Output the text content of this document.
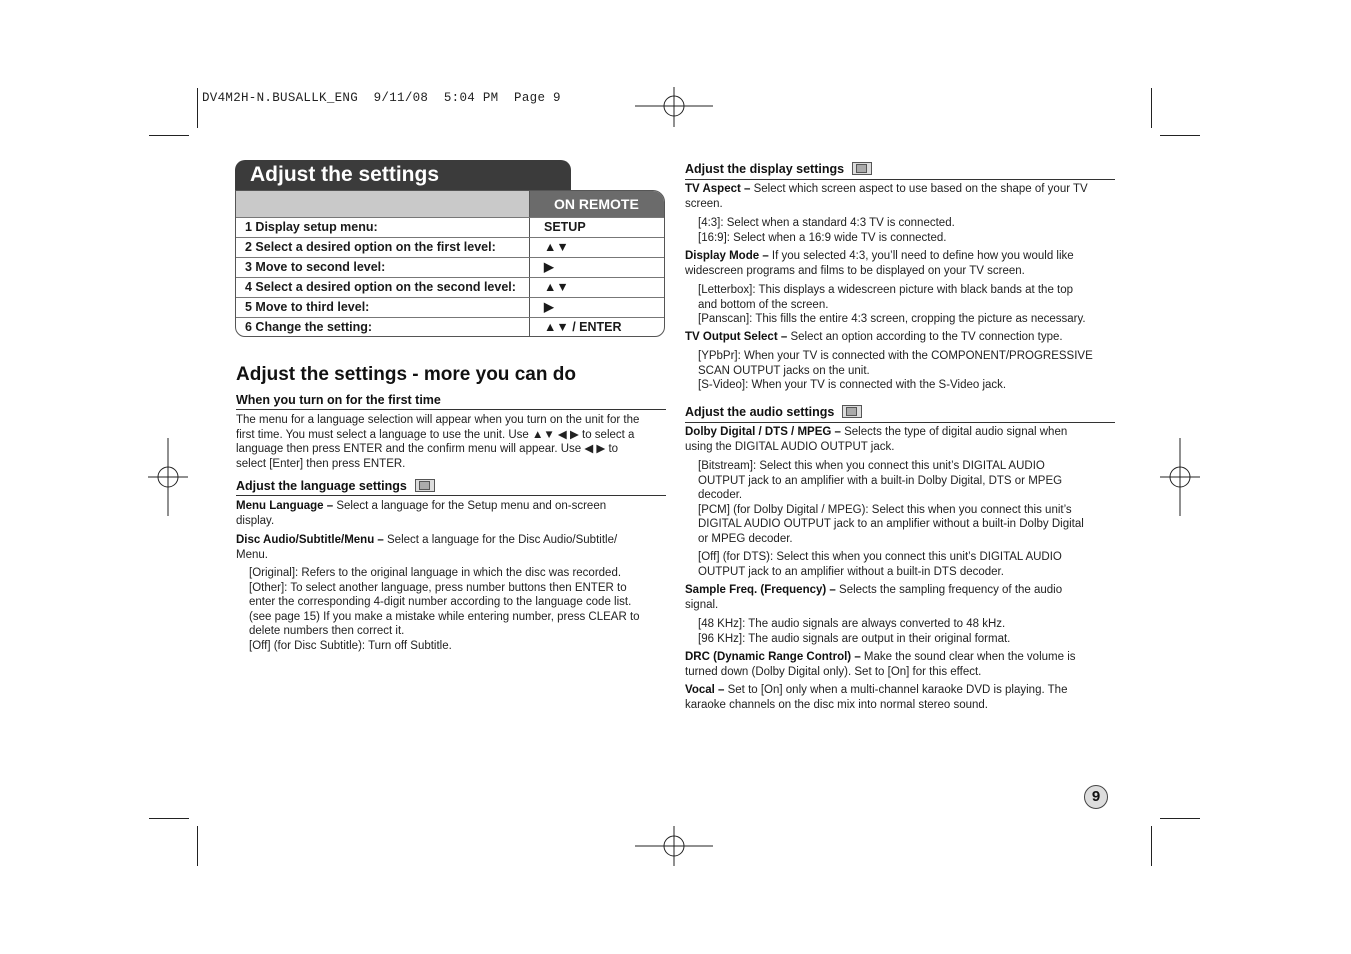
DV4M2H-N.BUSALLK_ENG  9/11/08  5:04 PM  Page 9
Adjust the settings
ON REMOTE
1 Display setup menu:	SETUP
2 Select a desired option on the first level:	▲▼
3 Move to second level:	▶
4 Select a desired option on the second level: ▲▼
5 Move to third level:	▶
6 Change the setting:	▲▼ / ENTER
Adjust the settings - more you can do
When you turn on for the first time
The menu for a language selection will appear when you turn on the unit for the
first time. You must select a language to use the unit. Use ▲▼ ◀ ▶ to select a
language then press ENTER and the confirm menu will appear. Use ◀ ▶ to
select [Enter] then press ENTER.
Adjust the language settings
Menu Language – Select a language for the Setup menu and on-screen
display.
Disc Audio/Subtitle/Menu – Select a language for the Disc Audio/Subtitle/
Menu.
[Original]: Refers to the original language in which the disc was recorded.
[Other]: To select another language, press number buttons then ENTER to
enter the corresponding 4-digit number according to the language code list.
(see page 15) If you make a mistake while entering number, press CLEAR to
delete numbers then correct it.
[Off] (for Disc Subtitle): Turn off Subtitle.
Adjust the display settings
TV Aspect – Select which screen aspect to use based on the shape of your TV
screen.
[4:3]: Select when a standard 4:3 TV is connected.
[16:9]: Select when a 16:9 wide TV is connected.
Display Mode – If you selected 4:3, you’ll need to define how you would like
widescreen programs and films to be displayed on your TV screen.
[Letterbox]: This displays a widescreen picture with black bands at the top
and bottom of the screen.
[Panscan]: This fills the entire 4:3 screen, cropping the picture as necessary.
TV Output Select – Select an option according to the TV connection type.
[YPbPr]: When your TV is connected with the COMPONENT/PROGRESSIVE
SCAN OUTPUT jacks on the unit.
[S-Video]: When your TV is connected with the S-Video jack.
Adjust the audio settings
Dolby Digital / DTS / MPEG – Selects the type of digital audio signal when
using the DIGITAL AUDIO OUTPUT jack.
[Bitstream]: Select this when you connect this unit’s DIGITAL AUDIO
OUTPUT jack to an amplifier with a built-in Dolby Digital, DTS or MPEG
decoder.
[PCM] (for Dolby Digital / MPEG): Select this when you connect this unit’s
DIGITAL AUDIO OUTPUT jack to an amplifier without a built-in Dolby Digital
or MPEG decoder.
[Off] (for DTS): Select this when you connect this unit’s DIGITAL AUDIO
OUTPUT jack to an amplifier without a built-in DTS decoder.
Sample Freq. (Frequency) – Selects the sampling frequency of the audio
signal.
[48 KHz]: The audio signals are always converted to 48 kHz.
[96 KHz]: The audio signals are output in their original format.
DRC (Dynamic Range Control) – Make the sound clear when the volume is
turned down (Dolby Digital only). Set to [On] for this effect.
Vocal – Set to [On] only when a multi-channel karaoke DVD is playing. The
karaoke channels on the disc mix into normal stereo sound.
9
